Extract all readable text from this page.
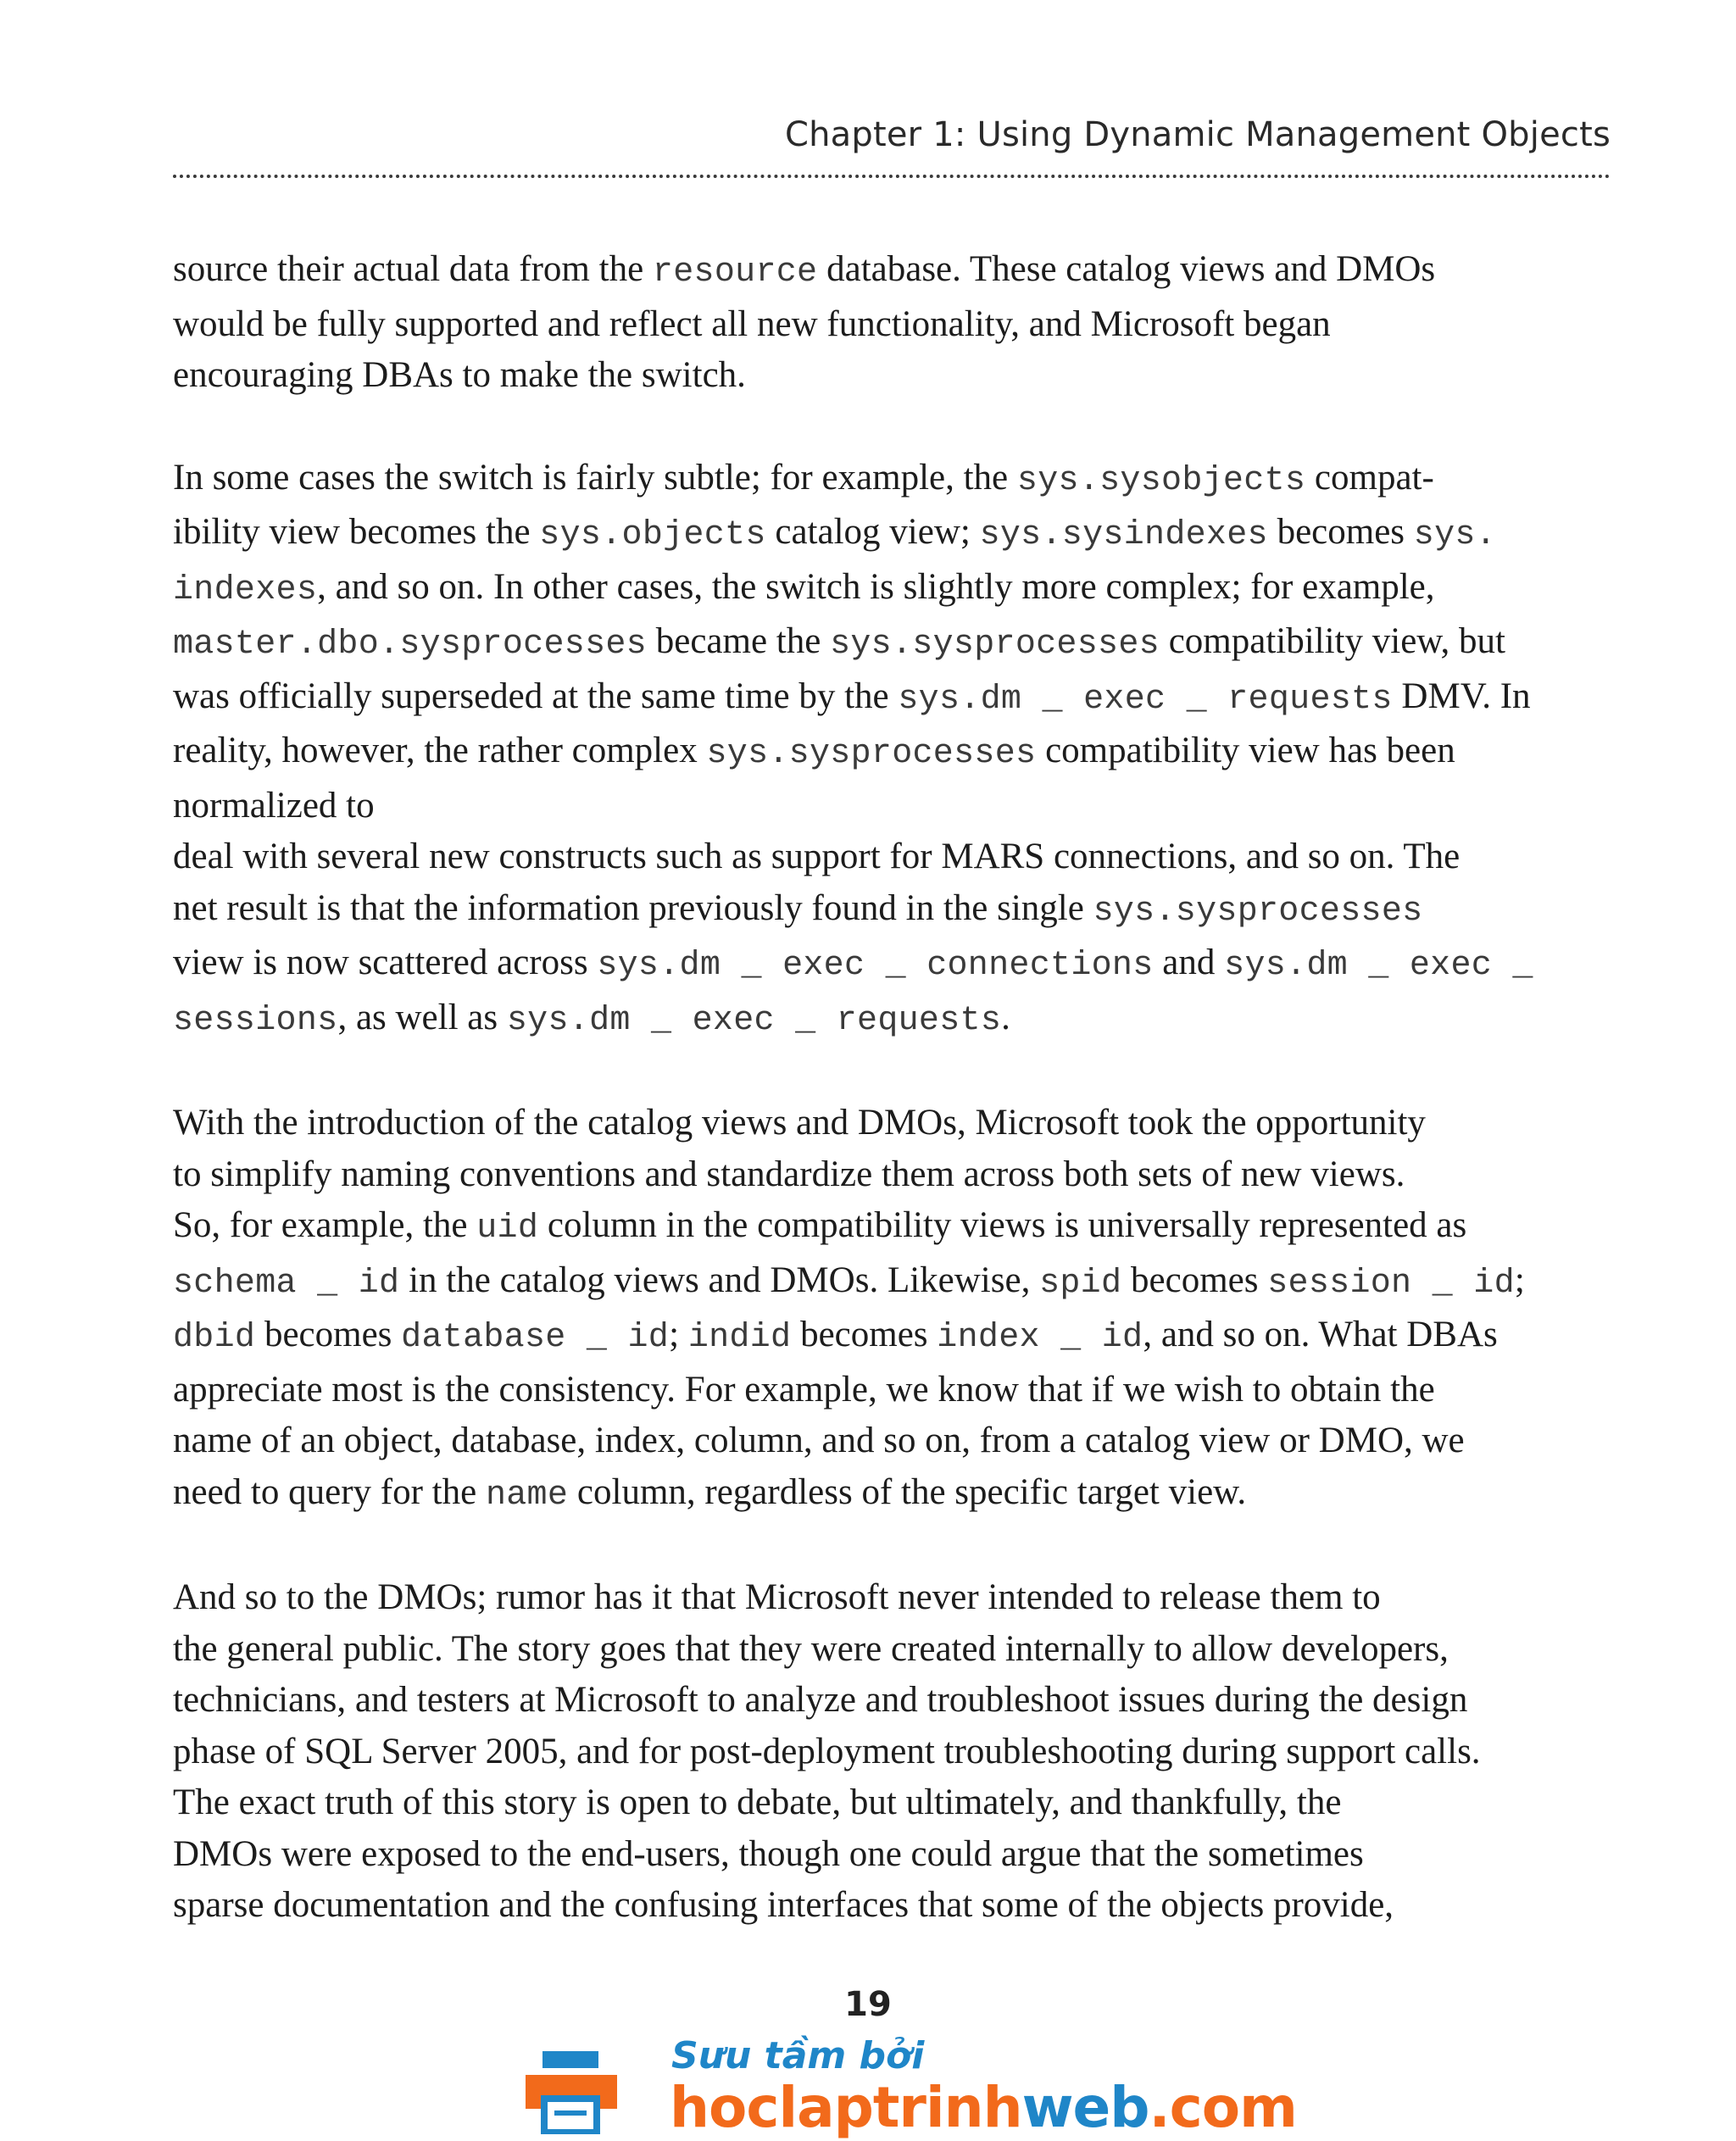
Chapter 1: Using Dynamic Management Objects

source their actual data from the resource database. These catalog views and DMOs
would be fully supported and reflect all new functionality, and Microsoft began
encouraging DBAs to make the switch.

In some cases the switch is fairly subtle; for example, the sys.sysobjects compat-
ibility view becomes the sys.objects catalog view; sys.sysindexes becomes sys.
indexes, and so on. In other cases, the switch is slightly more complex; for example,
master.dbo.sysprocesses became the sys.sysprocesses compatibility view, but
was officially superseded at the same time by the sys.dm _ exec _ requests DMV. In
reality, however, the rather complex sys.sysprocesses compatibility view has been
normalized to
deal with several new constructs such as support for MARS connections, and so on. The
net result is that the information previously found in the single sys.sysprocesses
view is now scattered across sys.dm _ exec _ connections and sys.dm _ exec _
sessions, as well as sys.dm _ exec _ requests.

With the introduction of the catalog views and DMOs, Microsoft took the opportunity
to simplify naming conventions and standardize them across both sets of new views.
So, for example, the uid column in the compatibility views is universally represented as
schema _ id in the catalog views and DMOs. Likewise, spid becomes session _ id;
dbid becomes database _ id; indid becomes index _ id, and so on. What DBAs
appreciate most is the consistency. For example, we know that if we wish to obtain the
name of an object, database, index, column, and so on, from a catalog view or DMO, we
need to query for the name column, regardless of the specific target view.

And so to the DMOs; rumor has it that Microsoft never intended to release them to
the general public. The story goes that they were created internally to allow developers,
technicians, and testers at Microsoft to analyze and troubleshoot issues during the design
phase of SQL Server 2005, and for post-deployment troubleshooting during support calls.
The exact truth of this story is open to debate, but ultimately, and thankfully, the
DMOs were exposed to the end-users, though one could argue that the sometimes
sparse documentation and the confusing interfaces that some of the objects provide,

19
Sưu tầm bởi
hoclaptrinhweb.com
